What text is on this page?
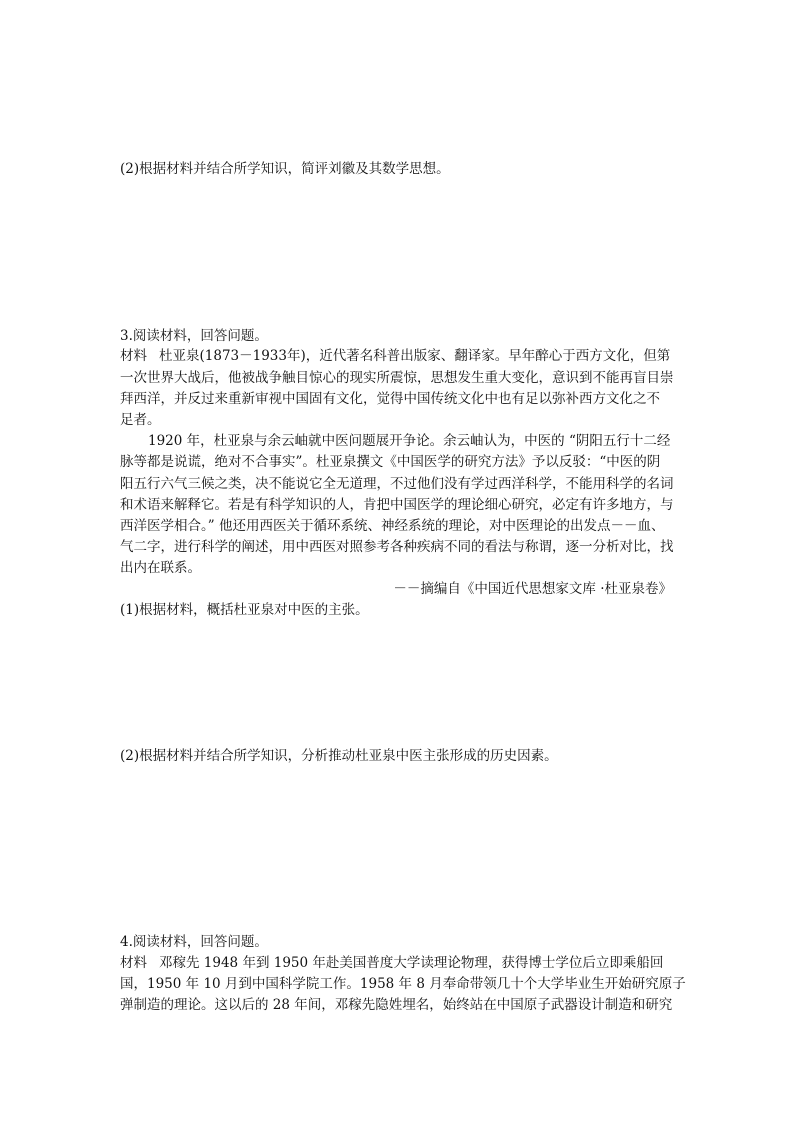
(2)根据材料并结合所学知识，简评刘徽及其数学思想。
3.阅读材料，回答问题。
材料 杜亚泉(1873－1933年)，近代著名科普出版家、翻译家。早年醉心于西方文化，但第
一次世界大战后，他被战争触目惊心的现实所震惊，思想发生重大变化，意识到不能再盲目崇
拜西洋，并反过来重新审视中国固有文化，觉得中国传统文化中也有足以弥补西方文化之不
足者。
1920 年，杜亚泉与余云岫就中医问题展开争论。余云岫认为，中医的 “阴阳五行十二经
脉等都是说谎，绝对不合事实”。杜亚泉撰文《中国医学的研究方法》予以反驳：“中医的阴
阳五行六气三候之类，决不能说它全无道理，不过他们没有学过西洋科学，不能用科学的名词
和术语来解释它。若是有科学知识的人，肯把中国医学的理论细心研究，必定有许多地方，与
西洋医学相合。” 他还用西医关于循环系统、神经系统的理论，对中医理论的出发点－－血、
气二字，进行科学的阐述，用中西医对照参考各种疾病不同的看法与称谓，逐一分析对比，找
出内在联系。
－－摘编自《中国近代思想家文库 ·杜亚泉卷》
(1)根据材料，概括杜亚泉对中医的主张。
(2)根据材料并结合所学知识，分析推动杜亚泉中医主张形成的历史因素。
4.阅读材料，回答问题。
材料 邓稼先 1948 年到 1950 年赴美国普度大学读理论物理，获得博士学位后立即乘船回
国，1950 年 10 月到中国科学院工作。1958 年 8 月奉命带领几十个大学毕业生开始研究原子
弹制造的理论。这以后的 28 年间，邓稼先隐姓埋名，始终站在中国原子武器设计制造和研究
